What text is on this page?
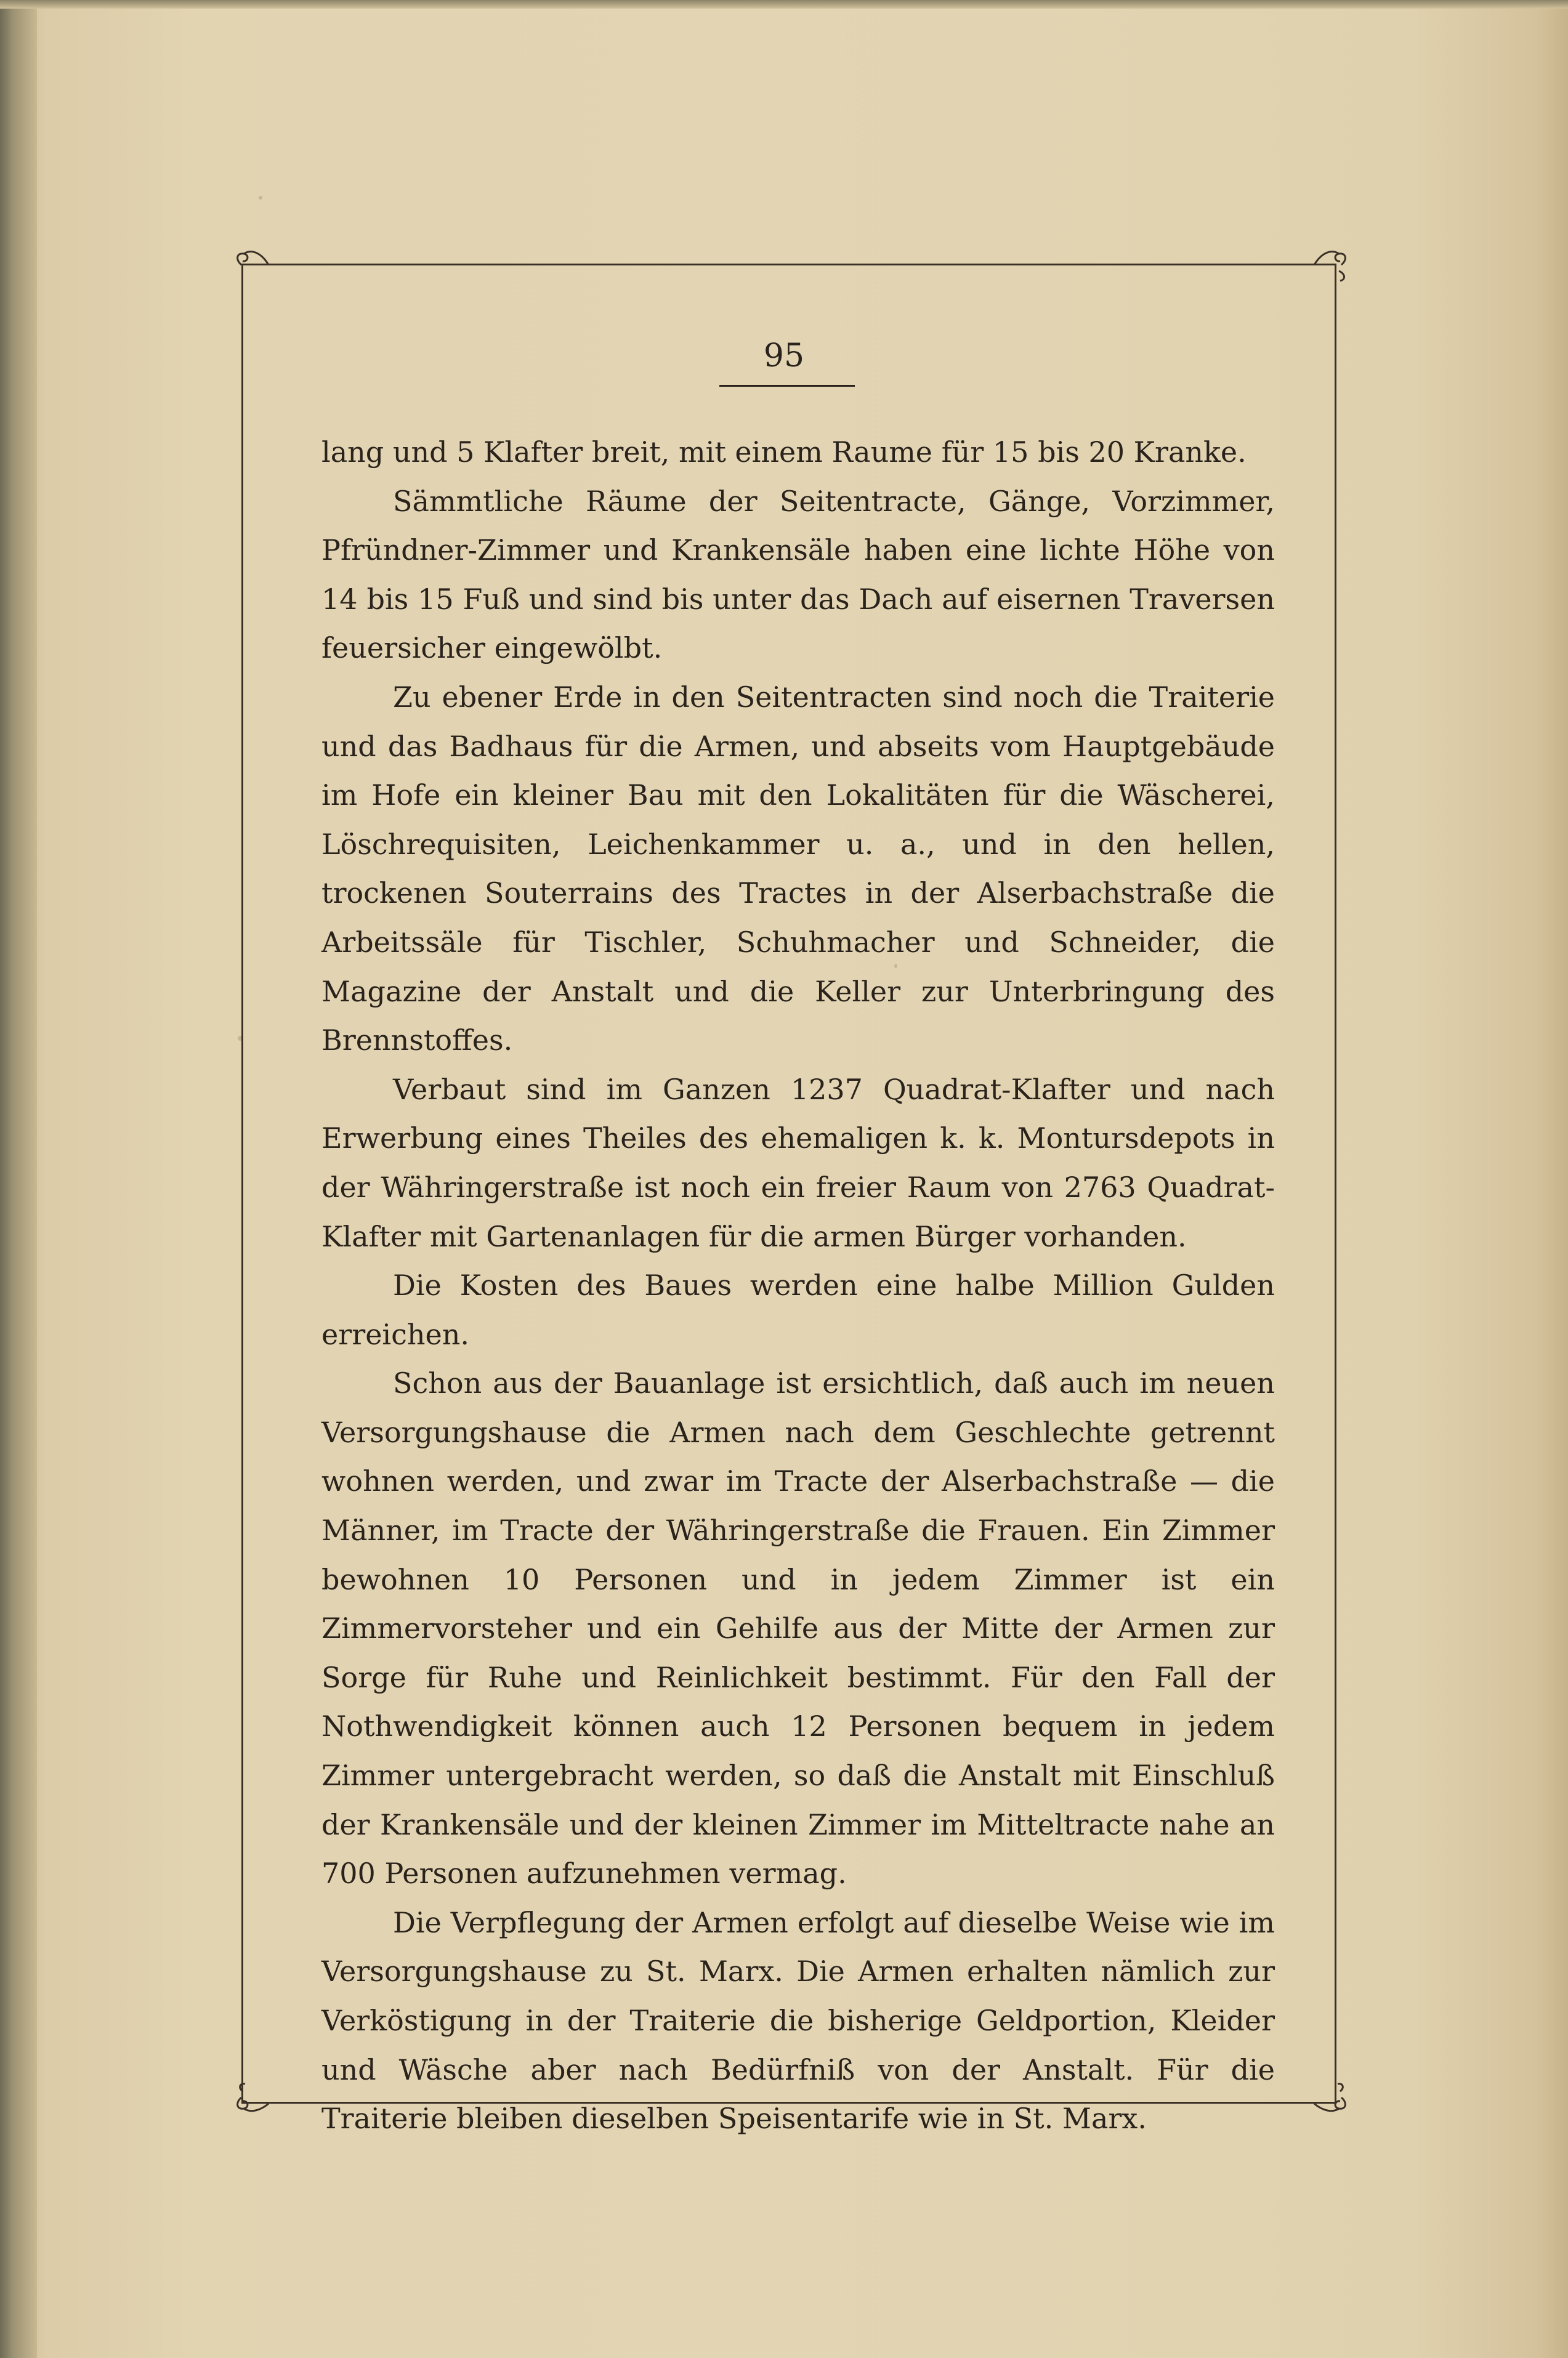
95

lang und 5 Klafter breit, mit einem Raume für 15 bis 20 Kranke.

Sämmtliche Räume der Seitentracte, Gänge, Vorzimmer, Pfründner-Zimmer und Krankensäle haben eine lichte Höhe von 14 bis 15 Fuß und sind bis unter das Dach auf eisernen Traversen feuersicher eingewölbt.

Zu ebener Erde in den Seitentracten sind noch die Traiterie und das Badhaus für die Armen, und abseits vom Hauptgebäude im Hofe ein kleiner Bau mit den Lokalitäten für die Wäscherei, Löschrequisiten, Leichenkammer u. a., und in den hellen, trockenen Souterrains des Tractes in der Alserbachstraße die Arbeitssäle für Tischler, Schuhmacher und Schneider, die Magazine der Anstalt und die Keller zur Unterbringung des Brennstoffes.

Verbaut sind im Ganzen 1237 Quadrat-Klafter und nach Erwerbung eines Theiles des ehemaligen k. k. Montursdepots in der Währingerstraße ist noch ein freier Raum von 2763 Quadrat-Klafter mit Gartenanlagen für die armen Bürger vorhanden.

Die Kosten des Baues werden eine halbe Million Gulden erreichen.

Schon aus der Bauanlage ist ersichtlich, daß auch im neuen Versorgungshause die Armen nach dem Geschlechte getrennt wohnen werden, und zwar im Tracte der Alserbachstraße — die Männer, im Tracte der Währingerstraße die Frauen. Ein Zimmer bewohnen 10 Personen und in jedem Zimmer ist ein Zimmervorsteher und ein Gehilfe aus der Mitte der Armen zur Sorge für Ruhe und Reinlichkeit bestimmt. Für den Fall der Nothwendigkeit können auch 12 Personen bequem in jedem Zimmer untergebracht werden, so daß die Anstalt mit Einschluß der Krankensäle und der kleinen Zimmer im Mitteltracte nahe an 700 Personen aufzunehmen vermag.

Die Verpflegung der Armen erfolgt auf dieselbe Weise wie im Versorgungshause zu St. Marx. Die Armen erhalten nämlich zur Verköstigung in der Traiterie die bisherige Geldportion, Kleider und Wäsche aber nach Bedürfniß von der Anstalt. Für die Traiterie bleiben dieselben Speisentarife wie in St. Marx.
